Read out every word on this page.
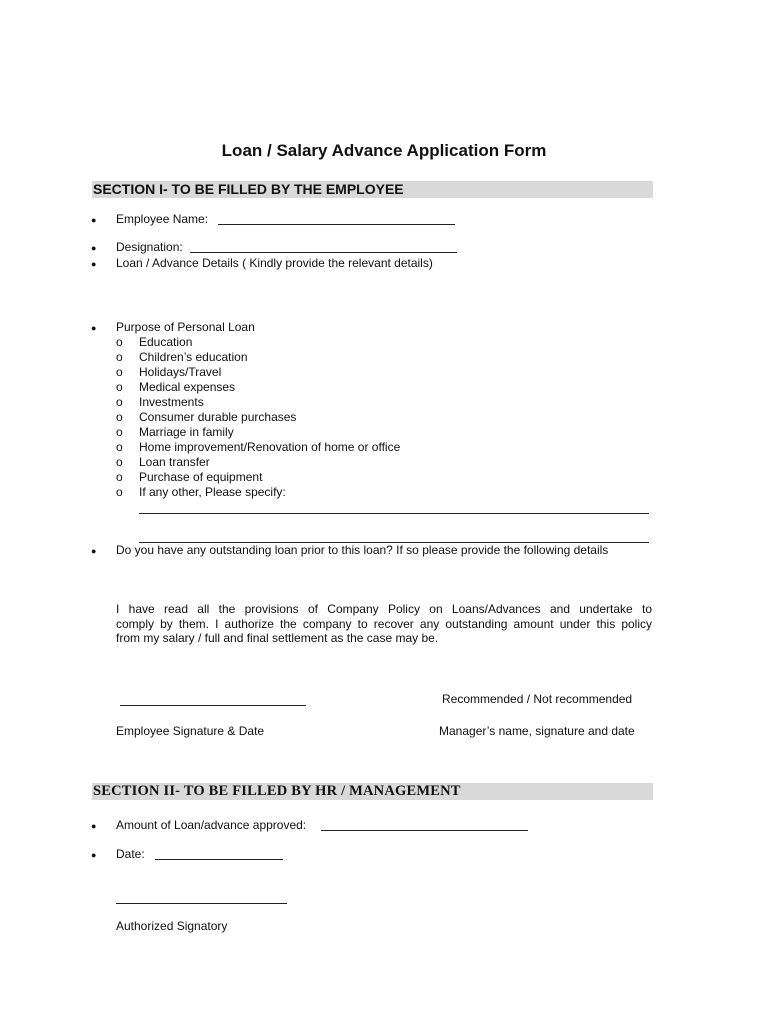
Loan / Salary Advance Application Form
SECTION I- TO BE FILLED BY THE EMPLOYEE
● Employee Name:
● Designation:
● Loan / Advance Details ( Kindly provide the relevant details)
● Purpose of Personal Loan
o Education
o Children’s education
o Holidays/Travel
o Medical expenses
o Investments
o Consumer durable purchases
o Marriage in family
o Home improvement/Renovation of home or office
o Loan transfer
o Purchase of equipment
o If any other, Please specify:
● Do you have any outstanding loan prior to this loan? If so please provide the following details
I have read all the provisions of Company Policy on Loans/Advances and undertake to
comply by them. I authorize the company to recover any outstanding amount under this policy
from my salary / full and final settlement as the case may be.
Recommended / Not recommended
Employee Signature & Date	Manager’s name, signature and date
SECTION II- TO BE FILLED BY HR / MANAGEMENT
● Amount of Loan/advance approved:
● Date:
Authorized Signatory
